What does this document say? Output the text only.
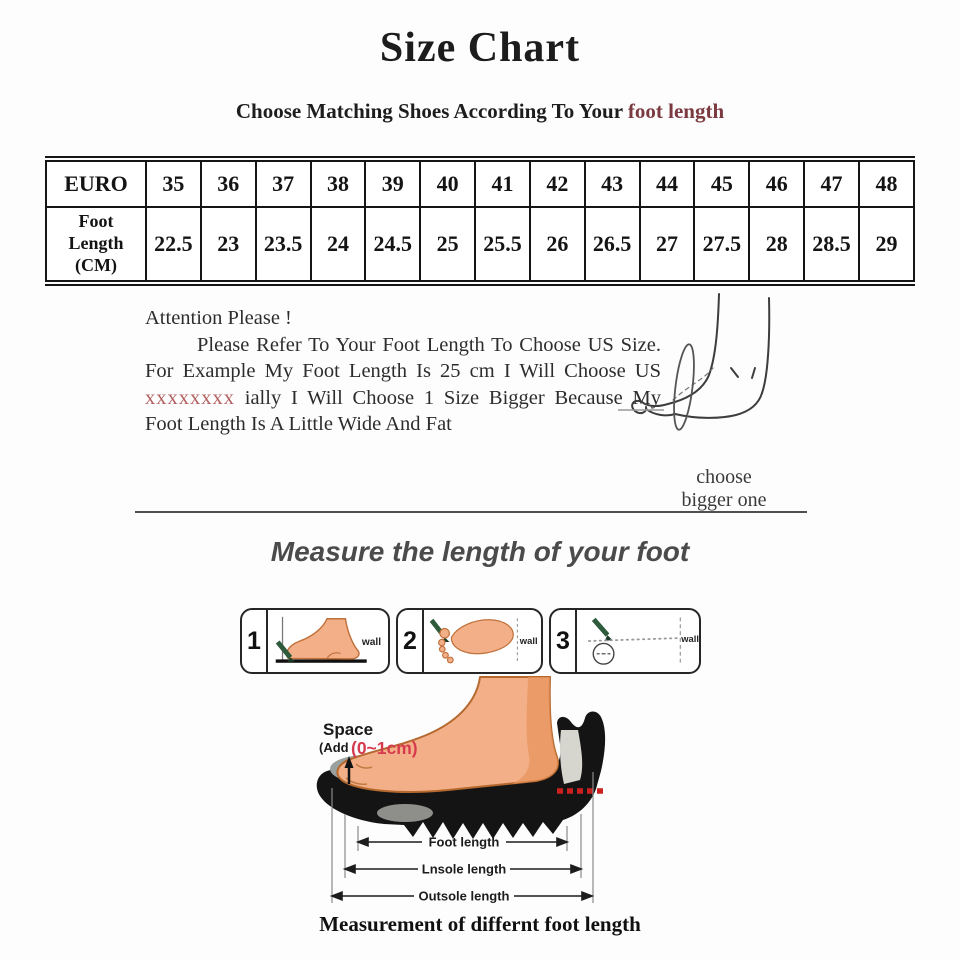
Size Chart
Choose Matching Shoes According To Your foot length
EURO	35	36	37	38	39	40	41	42	43	44	45	46	47	48
Foot Length (CM)	22.5	23	23.5	24	24.5	25	25.5	26	26.5	27	27.5	28	28.5	29
Attention Please !

Please Refer To Your Foot Length To Choose US Size. For Example My Foot Length Is 25 cm I Will Choose US xxxxxxxx ially I Will Choose 1 Size Bigger Because My Foot Length Is A Little Wide And Fat

choose
bigger one
Measure the length of your foot
1	wall 2	wall 3	wall
Space
(Add (0~1cm)
Foot length
Lnsole length
Outsole length
Measurement of differnt foot length
